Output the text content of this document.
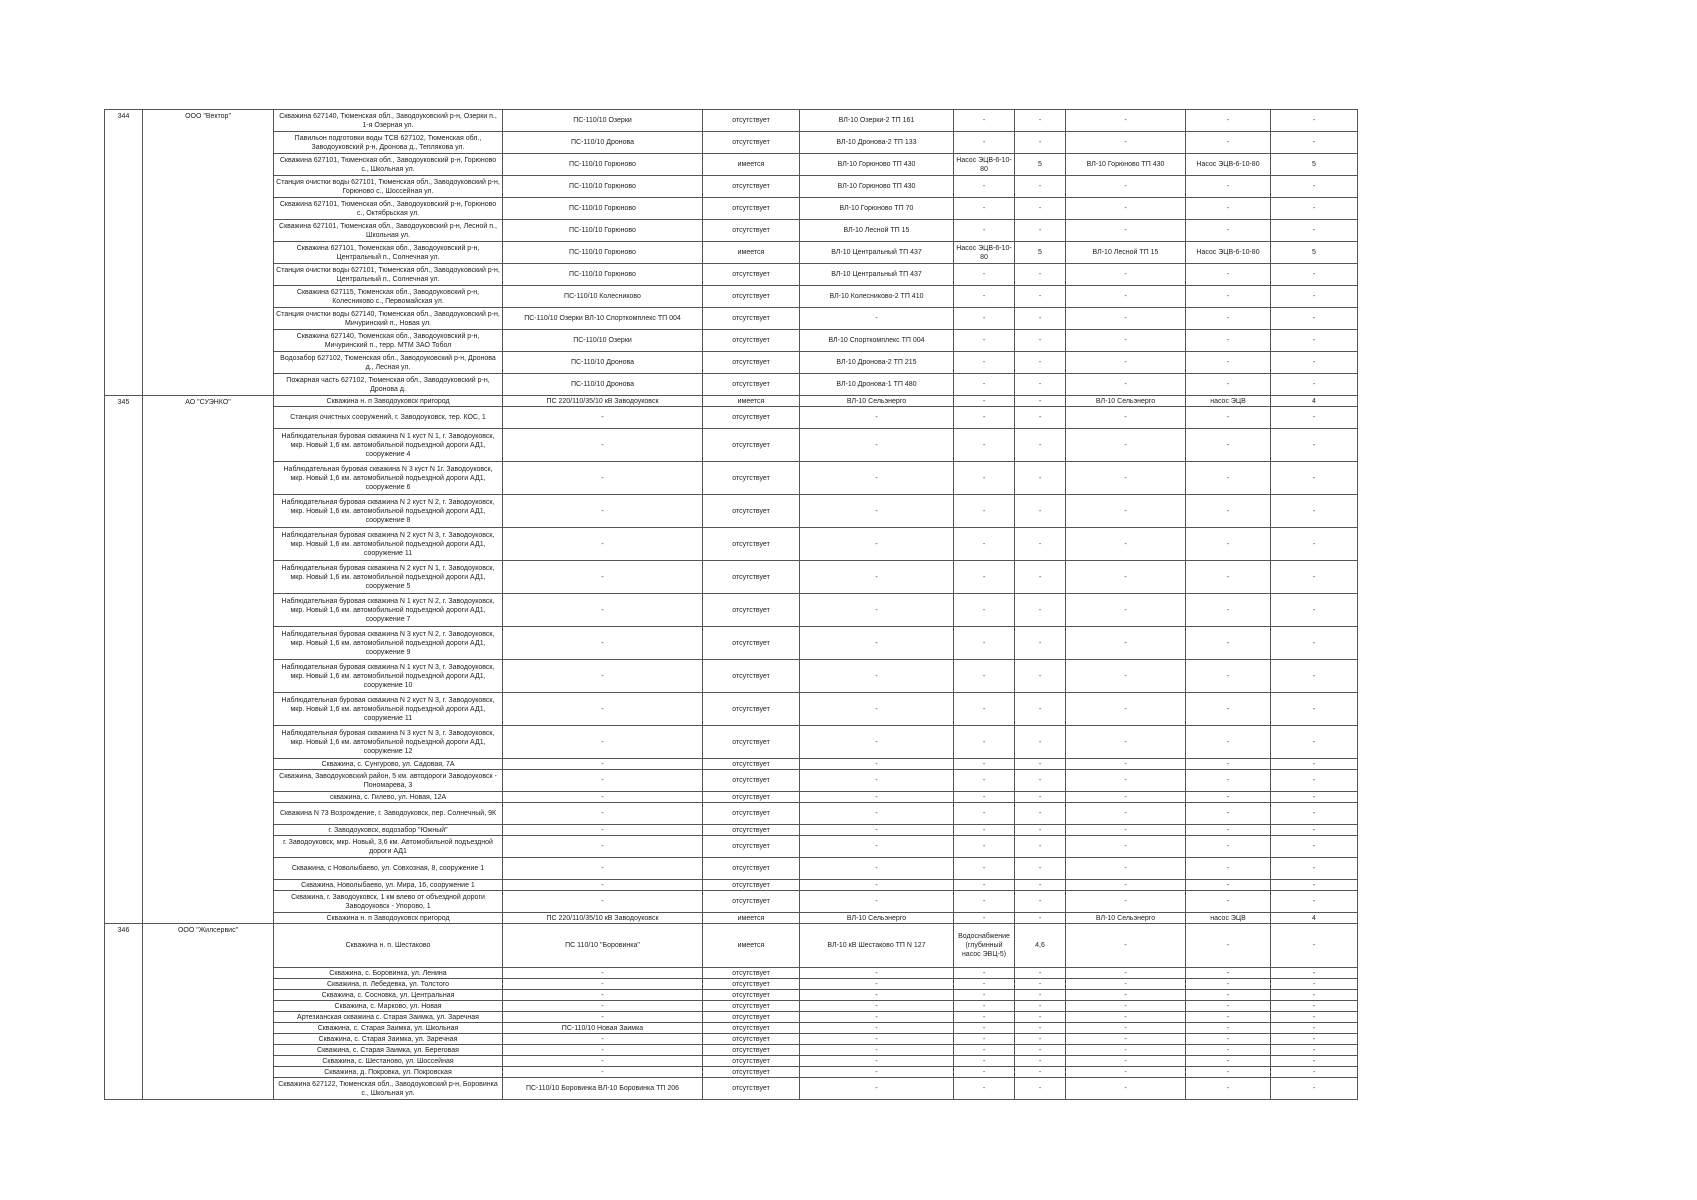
344	ООО "Вектор"	Скважина 627140, Тюменская обл., Заводоуковский р-н, Озерки п., 1-я Озерная ул.	ПС-110/10 Озерки	отсутствует	ВЛ-10 Озерки-2 ТП 161	-	-	-	-	-
		Павильон подготовки воды ТСВ 627102, Тюменская обл., Заводоуковский р-н, Дронова д., Теплякова ул.	ПС-110/10 Дронова	отсутствует	ВЛ-10 Дронова-2 ТП 133	-	-	-	-	-
		Скважина 627101, Тюменская обл., Заводоуковский р-н, Горюново с., Школьная ул.	ПС-110/10 Горюново	имеется	ВЛ-10 Горюново ТП 430	Насос ЭЦВ-6-10-80	5	ВЛ-10 Горюново ТП 430	Насос ЭЦВ-6-10-80	5
		Станция очистки воды 627101, Тюменская обл., Заводоуковский р-н, Горюново с., Шоссейная ул.	ПС-110/10 Горюново	отсутствует	ВЛ-10 Горюново ТП 430	-	-	-	-	-
		Скважина 627101, Тюменская обл., Заводоуковский р-н, Горюново с., Октябрьская ул.	ПС-110/10 Горюново	отсутствует	ВЛ-10 Горюново ТП 70	-	-	-	-	-
		Скважина 627101, Тюменская обл., Заводоуковский р-н, Лесной п., Школьная ул.	ПС-110/10 Горюново	отсутствует	ВЛ-10 Лесной ТП 15	-	-	-	-	-
		Скважина 627101, Тюменская обл., Заводоуковский р-н, Центральный п., Солнечная ул.	ПС-110/10 Горюново	имеется	ВЛ-10 Центральный ТП 437	Насос ЭЦВ-6-10-80	5	ВЛ-10 Лесной ТП 15	Насос ЭЦВ-6-10-80	5
		Станция очистки воды 627101, Тюменская обл., Заводоуковский р-н, Центральный п., Солнечная ул.	ПС-110/10 Горюново	отсутствует	ВЛ-10 Центральный ТП 437	-	-	-	-	-
		Скважина 627115, Тюменская обл., Заводоуковский р-н, Колесниково с., Первомайская ул.	ПС-110/10 Колесниково	отсутствует	ВЛ-10 Колесниково-2 ТП 410	-	-	-	-	-
		Станция очистки воды 627140, Тюменская обл., Заводоуковский р-н, Мичуринский п., Новая ул.	ПС-110/10 Озерки ВЛ-10 Спорткомплекс ТП 004	отсутствует	-	-	-	-	-	-
		Скважина 627140, Тюменская обл., Заводоуковский р-н, Мичуринский п., терр. МТМ ЗАО Тобол	ПС-110/10 Озерки	отсутствует	ВЛ-10 Спорткомплекс ТП 004	-	-	-	-	-
		Водозабор 627102, Тюменская обл., Заводоуковский р-н, Дронова д., Лесная ул.	ПС-110/10 Дронова	отсутствует	ВЛ-10 Дронова-2 ТП 215	-	-	-	-	-
		Пожарная часть 627102, Тюменская обл., Заводоуковский р-н, Дронова д.	ПС-110/10 Дронова	отсутствует	ВЛ-10 Дронова-1 ТП 480	-	-	-	-	-
345	АО "СУЭНКО"	Скважина н. п Заводоуковск пригород	ПС 220/110/35/10 кВ Заводоуковск	имеется	ВЛ-10 Сельэнерго	-	-	ВЛ-10 Сельэнерго	насос ЭЦВ	4
		Станция очистных сооружений, г. Заводоуковск, тер. КОС, 1	-	отсутствует	-	-	-	-	-	-
		Наблюдательная буровая скважина N 1 куст N 1, г. Заводоуковск, мкр. Новый 1,6 км. автомобильной подъездной дороги АД1, сооружение 4	-	отсутствует	-	-	-	-	-	-
		Наблюдательная буровая скважина N 3 куст N 1г. Заводоуковск, мкр. Новый 1,6 км. автомобильной подъездной дороги АД1, сооружение 6	-	отсутствует	-	-	-	-	-	-
		Наблюдательная буровая скважина N 2 куст N 2, г. Заводоуковск, мкр. Новый 1,6 км. автомобильной подъездной дороги АД1, сооружение 8	-	отсутствует	-	-	-	-	-	-
		Наблюдательная буровая скважина N 2 куст N 3, г. Заводоуковск, мкр. Новый 1,6 км. автомобильной подъездной дороги АД1, сооружение 11	-	отсутствует	-	-	-	-	-	-
		Наблюдательная буровая скважина N 2 куст N 1, г. Заводоуковск, мкр. Новый 1,6 км. автомобильной подъездной дороги АД1, сооружение 5	-	отсутствует	-	-	-	-	-	-
		Наблюдательная буровая скважина N 1 куст N 2, г. Заводоуковск, мкр. Новый 1,6 км. автомобильной подъездной дороги АД1, сооружение 7	-	отсутствует	-	-	-	-	-	-
		Наблюдательная буровая скважина N 3 куст N 2, г. Заводоуковск, мкр. Новый 1,6 км. автомобильной подъездной дороги АД1, сооружение 9	-	отсутствует	-	-	-	-	-	-
		Наблюдательная буровая скважина N 1 куст N 3, г. Заводоуковск, мкр. Новый 1,6 км. автомобильной подъездной дороги АД1, сооружение 10	-	отсутствует	-	-	-	-	-	-
		Наблюдательная буровая скважина N 2 куст N 3, г. Заводоуковск, мкр. Новый 1,6 км. автомобильной подъездной дороги АД1, сооружение 11	-	отсутствует	-	-	-	-	-	-
		Наблюдательная буровая скважина N 3 куст N 3, г. Заводоуковск, мкр. Новый 1,6 км. автомобильной подъездной дороги АД1, сооружение 12	-	отсутствует	-	-	-	-	-	-
		Скважина, с. Сунгурово, ул. Садовая, 7А	-	отсутствует	-	-	-	-	-	-
		Скважина, Заводоуковский район, 5 км. автодороги Заводоуковск - Пономарева, 3	-	отсутствует	-	-	-	-	-	-
		скважина, с. Гилево, ул. Новая, 12А	-	отсутствует	-	-	-	-	-	-
		Скважина N 73 Возрождение, г. Заводоуковск, пер. Солнечный, 9К	-	отсутствует	-	-	-	-	-	-
		г. Заводоуковск, водозабор "Южный"	-	отсутствует	-	-	-	-	-	-
		г. Заводоуковск, мкр. Новый, 3,6 км. Автомобильной подъездной дороги АД1	-	отсутствует	-	-	-	-	-	-
		Скважина, с Новолыбаево, ул. Совхозная, 8, сооружение 1	-	отсутствует	-	-	-	-	-	-
		Скважина, Новолыбаево, ул. Мира, 16, сооружение 1	-	отсутствует	-	-	-	-	-	-
		Скважина, г. Заводоуковск, 1 км влево от объездной дороги Заводоуковск - Упорово, 1	-	отсутствует	-	-	-	-	-	-
		Скважина н. п Заводоуковск пригород	ПС 220/110/35/10 кВ Заводоуковск	имеется	ВЛ-10 Сельэнерго	-	-	ВЛ-10 Сельэнерго	насос ЭЦВ	4
346	ООО "Жилсервис"	Скважина н. п. Шестаково	ПС 110/10 "Боровинка"	имеется	ВЛ-10 кВ Шестаково ТП N 127	Водоснабжение (глубинный насос ЭВЦ-5)	4,6	-	-	-
		Скважина, с. Боровинка, ул. Ленина	-	отсутствует	-	-	-	-	-	-
		Скважина, п. Лебедевка, ул. Толстого	-	отсутствует	-	-	-	-	-	-
		Скважина, с. Сосновка, ул. Центральная	-	отсутствует	-	-	-	-	-	-
		Скважина, с. Марково, ул. Новая	-	отсутствует	-	-	-	-	-	-
		Артезианская скважина с. Старая Заимка, ул. Заречная	-	отсутствует	-	-	-	-	-	-
		Скважина, с. Старая Заимка, ул. Школьная	ПС-110/10 Новая Заимка	отсутствует	-	-	-	-	-	-
		Скважина, с. Старая Заимка, ул. Заречная	-	отсутствует	-	-	-	-	-	-
		Скважина, с. Старая Заимка, ул. Береговая	-	отсутствует	-	-	-	-	-	-
		Скважина, с. Шестаново, ул. Шоссейная	-	отсутствует	-	-	-	-	-	-
		Скважина, д. Покровка, ул. Покровская	-	отсутствует	-	-	-	-	-	-
		Скважина 627122, Тюменская обл., Заводоуковский р-н, Боровинка с., Школьная ул.	ПС-110/10 Боровинка ВЛ-10 Боровинка ТП 206	отсутствует	-	-	-	-	-	-
